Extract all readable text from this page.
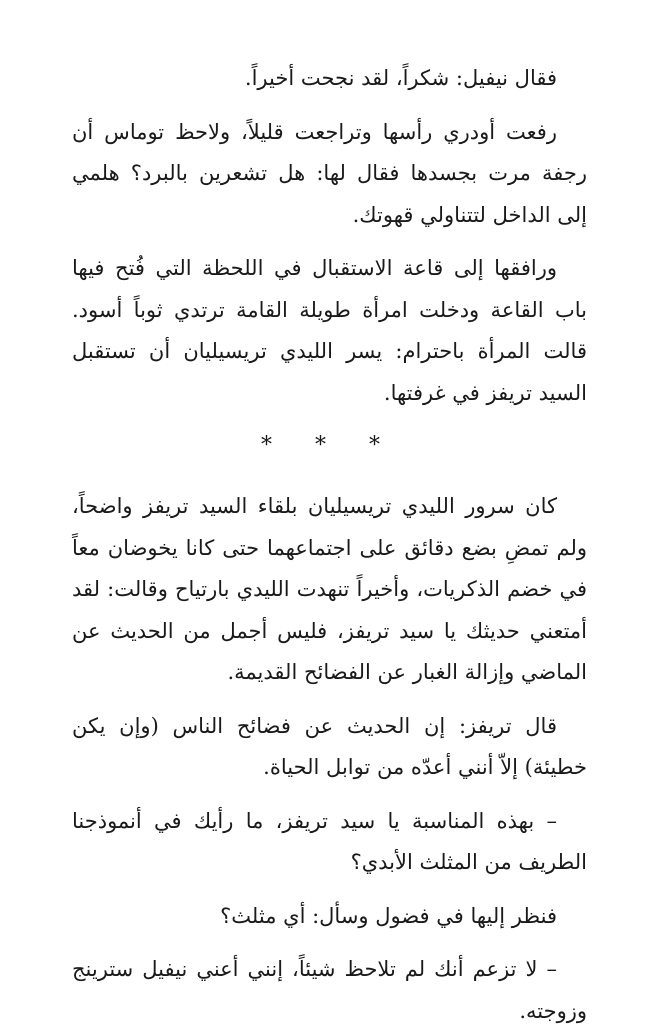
فقال نيفيل: شكراً، لقد نجحت أخيراً.

رفعت أودري رأسها وتراجعت قليلاً، ولاحظ توماس أن رجفة مرت بجسدها فقال لها: هل تشعرين بالبرد؟ هلمي إلى الداخل لتتناولي قهوتك.

ورافقها إلى قاعة الاستقبال في اللحظة التي فُتح فيها باب القاعة ودخلت امرأة طويلة القامة ترتدي ثوباً أسود. قالت المرأة باحترام: يسر الليدي تريسيليان أن تستقبل السيد تريفز في غرفتها.

* * *

كان سرور الليدي تريسيليان بلقاء السيد تريفز واضحاً، ولم تمضِ بضع دقائق على اجتماعهما حتى كانا يخوضان معاً في خضم الذكريات، وأخيراً تنهدت الليدي بارتياح وقالت: لقد أمتعني حديثك يا سيد تريفز، فليس أجمل من الحديث عن الماضي وإزالة الغبار عن الفضائح القديمة.

قال تريفز: إن الحديث عن فضائح الناس (وإن يكن خطيئة) إلاّ أنني أعدّه من توابل الحياة.

– بهذه المناسبة يا سيد تريفز، ما رأيك في أنموذجنا الطريف من المثلث الأبدي؟

فنظر إليها في فضول وسأل: أي مثلث؟

– لا تزعم أنك لم تلاحظ شيئاً، إنني أعني نيفيل سترينج وزوجته.
